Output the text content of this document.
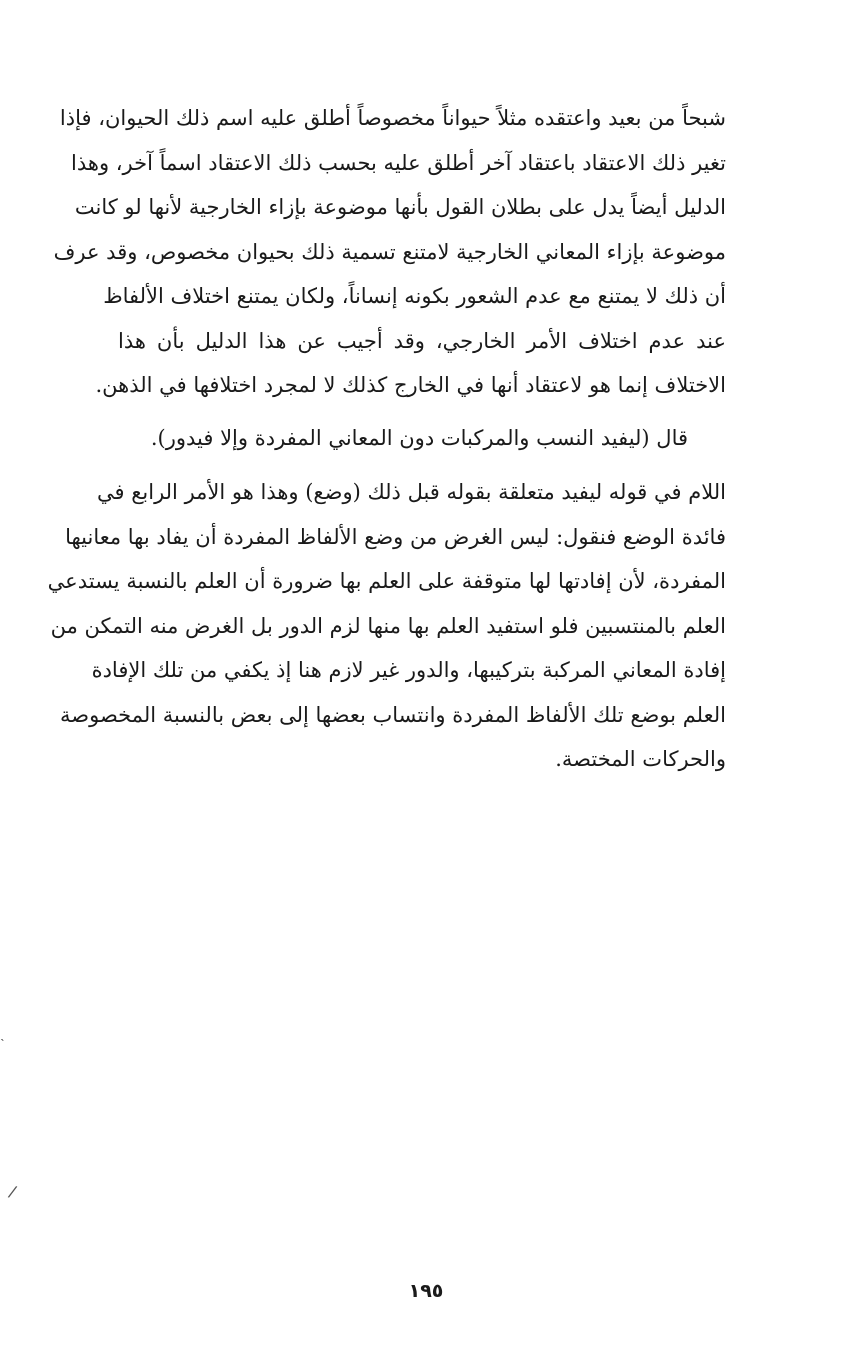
شبحاً من بعيد واعتقده مثلاً حيواناً مخصوصاً أطلق عليه اسم ذلك الحيوان، فإذا
تغير ذلك الاعتقاد باعتقاد آخر أطلق عليه بحسب ذلك الاعتقاد اسماً آخر، وهذا
الدليل أيضاً يدل على بطلان القول بأنها موضوعة بإزاء الخارجية لأنها لو كانت
موضوعة بإزاء المعاني الخارجية لامتنع تسمية ذلك بحيوان مخصوص، وقد عرف
أن ذلك لا يمتنع مع عدم الشعور بكونه إنساناً، ولكان يمتنع اختلاف الألفاظ
عند عدم اختلاف الأمر الخارجي، وقد أجيب عن هذا الدليل بأن هذا
الاختلاف إنما هو لاعتقاد أنها في الخارج كذلك لا لمجرد اختلافها في الذهن.
قال (ليفيد النسب والمركبات دون المعاني المفردة وإلا فيدور).
اللام في قوله ليفيد متعلقة بقوله قبل ذلك (وضع) وهذا هو الأمر الرابع في
فائدة الوضع فنقول: ليس الغرض من وضع الألفاظ المفردة أن يفاد بها معانيها
المفردة، لأن إفادتها لها متوقفة على العلم بها ضرورة أن العلم بالنسبة يستدعي
العلم بالمنتسبين فلو استفيد العلم بها منها لزم الدور بل الغرض منه التمكن من
إفادة المعاني المركبة بتركيبها، والدور غير لازم هنا إذ يكفي من تلك الإفادة
العلم بوضع تلك الألفاظ المفردة وانتساب بعضها إلى بعض بالنسبة المخصوصة
والحركات المختصة.
١٩٥
˴
/
